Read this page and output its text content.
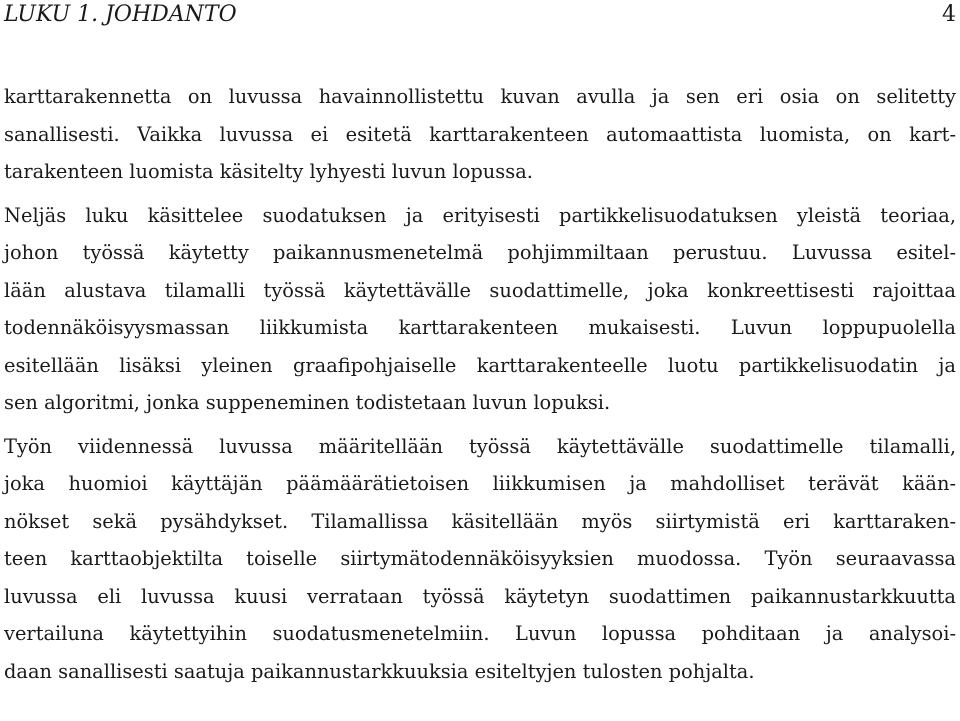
LUKU 1. JOHDANTO	4
karttarakennetta on luvussa havainnollistettu kuvan avulla ja sen eri osia on selitetty
sanallisesti. Vaikka luvussa ei esitetä karttarakenteen automaattista luomista, on kart-
tarakenteen luomista käsitelty lyhyesti luvun lopussa.
Neljäs luku käsittelee suodatuksen ja erityisesti partikkelisuodatuksen yleistä teoriaa,
johon työssä käytetty paikannusmenetelmä pohjimmiltaan perustuu. Luvussa esitel-
lään alustava tilamalli työssä käytettävälle suodattimelle, joka konkreettisesti rajoittaa
todennäköisyysmassan liikkumista karttarakenteen mukaisesti. Luvun loppupuolella
esitellään lisäksi yleinen graafipohjaiselle karttarakenteelle luotu partikkelisuodatin ja
sen algoritmi, jonka suppeneminen todistetaan luvun lopuksi.
Työn viidennessä luvussa määritellään työssä käytettävälle suodattimelle tilamalli,
joka huomioi käyttäjän päämäärätietoisen liikkumisen ja mahdolliset terävät kään-
nökset sekä pysähdykset. Tilamallissa käsitellään myös siirtymistä eri karttaraken-
teen karttaobjektilta toiselle siirtymätodennäköisyyksien muodossa. Työn seuraavassa
luvussa eli luvussa kuusi verrataan työssä käytetyn suodattimen paikannustarkkuutta
vertailuna käytettyihin suodatusmenetelmiin. Luvun lopussa pohditaan ja analysoi-
daan sanallisesti saatuja paikannustarkkuuksia esiteltyjen tulosten pohjalta.
